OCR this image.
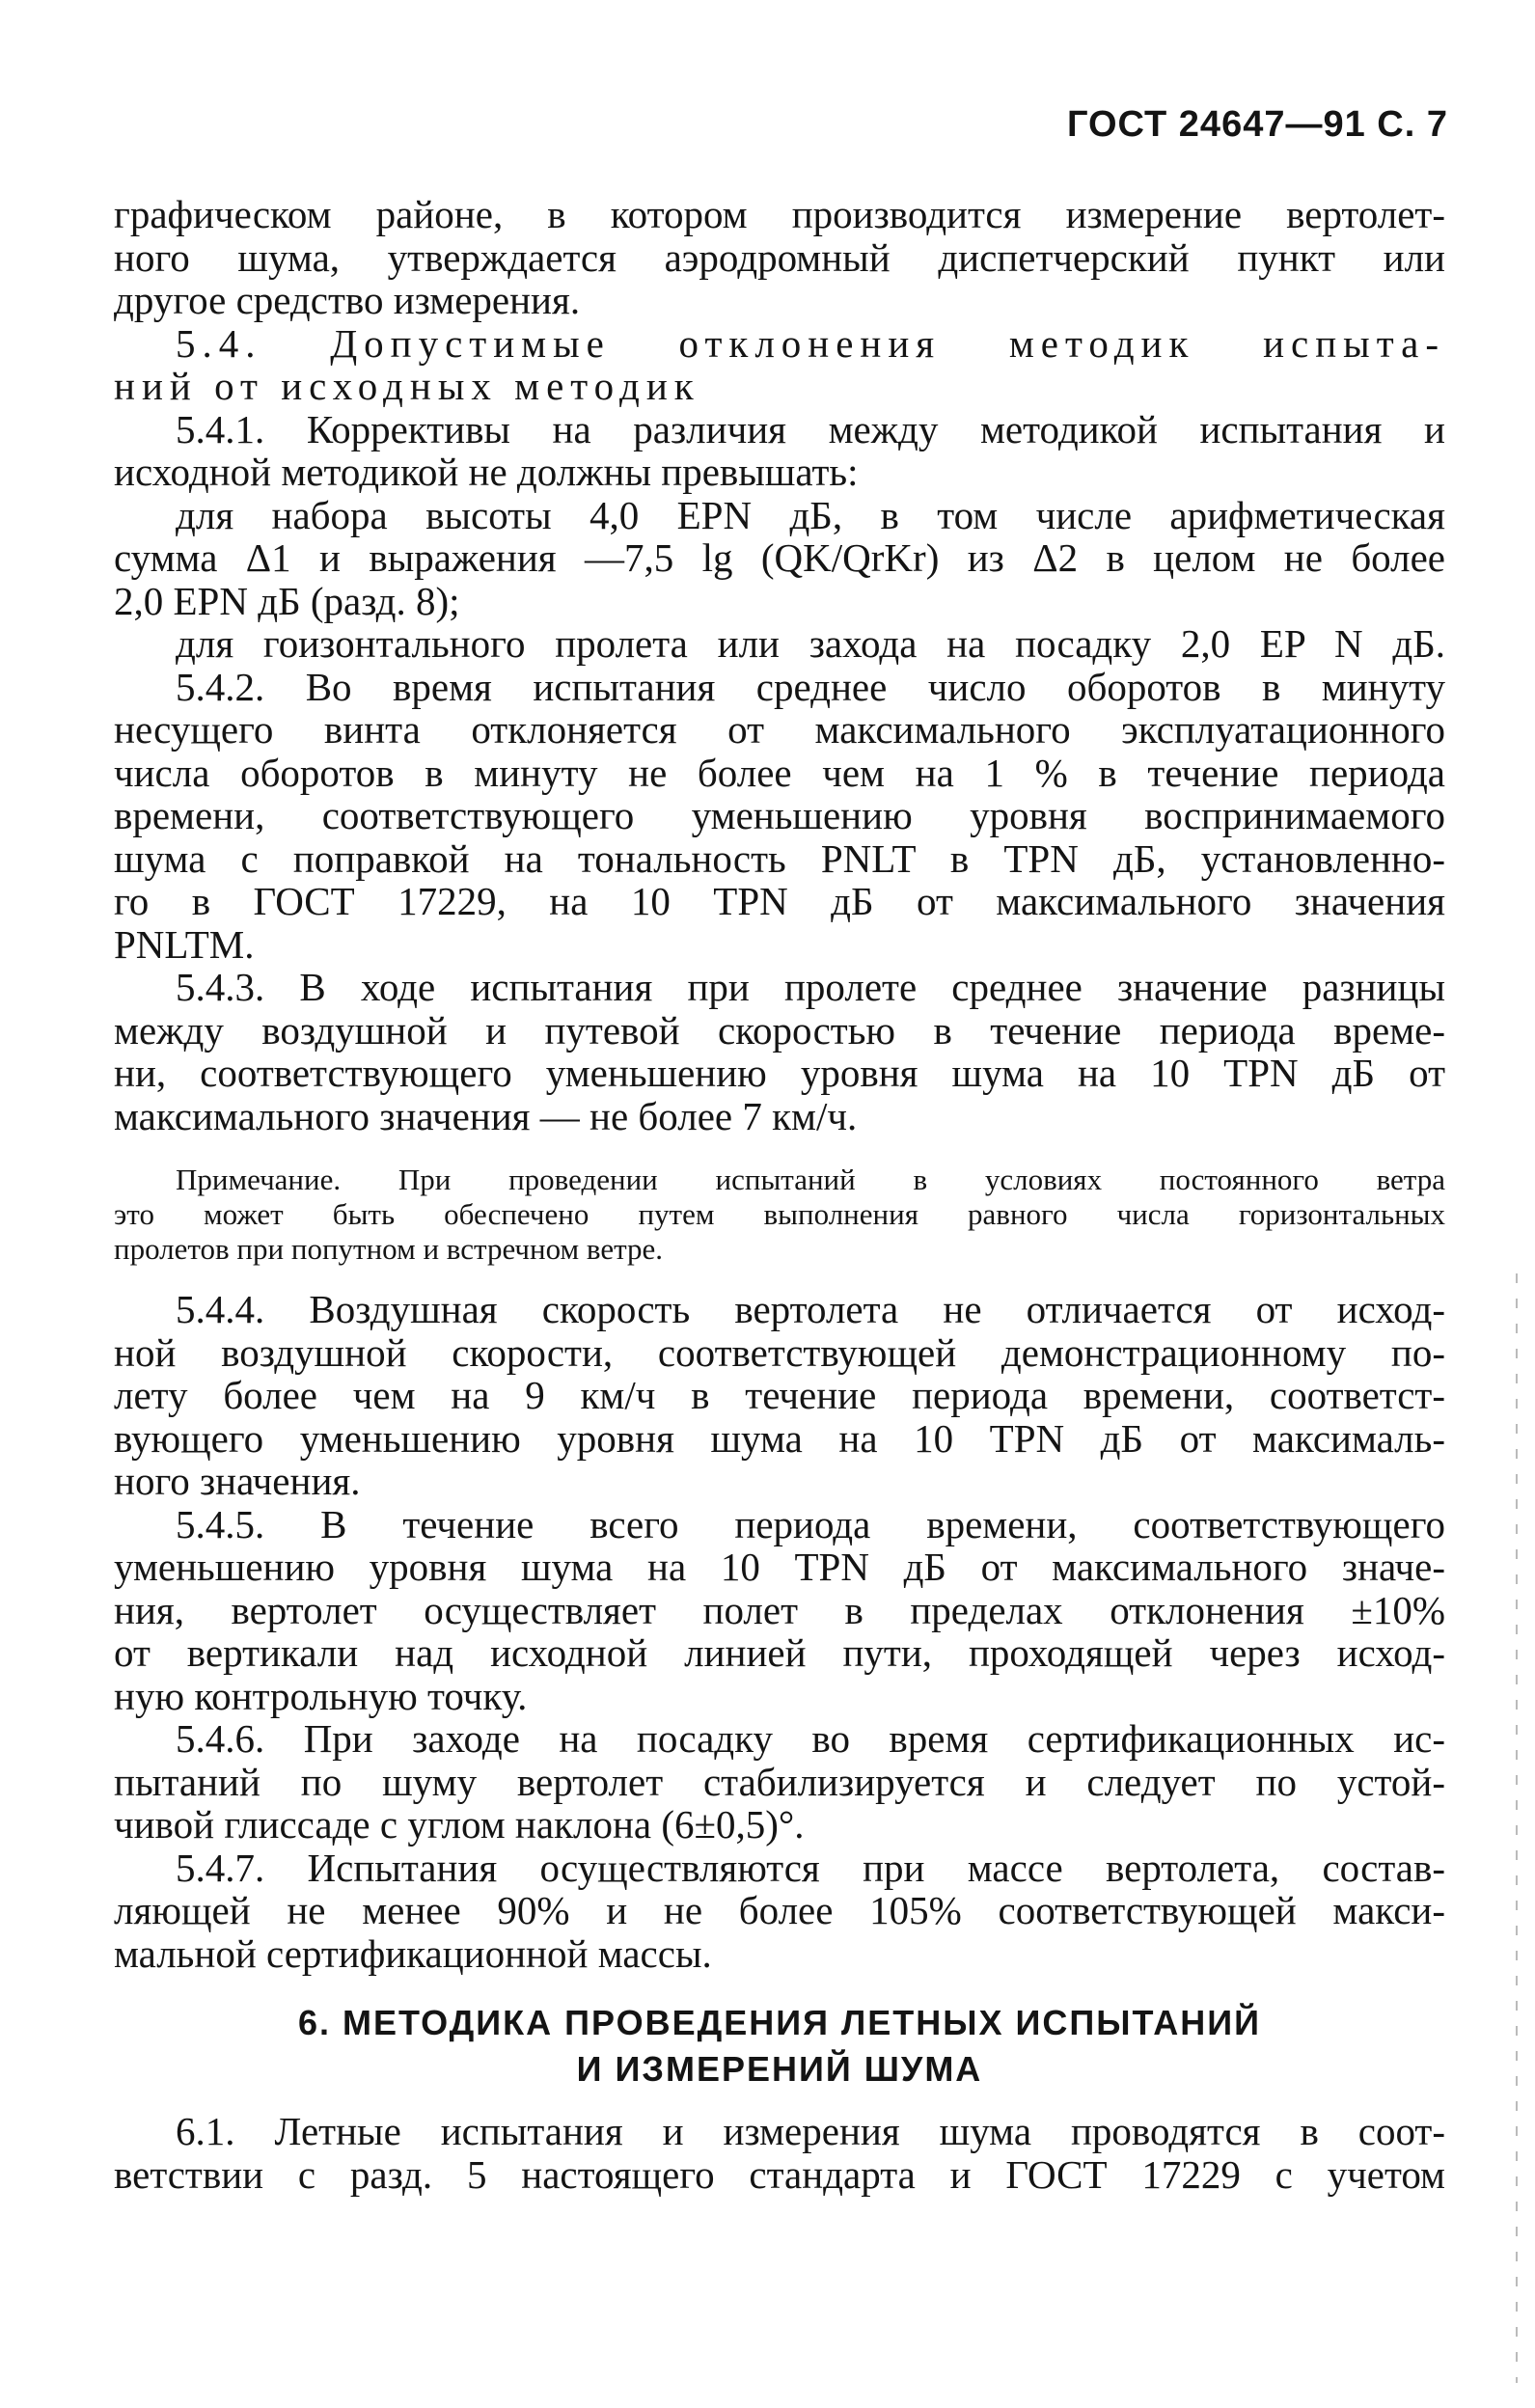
ГОСТ 24647—91 С. 7
графическом районе, в котором производится измерение вертолет-
ного шума, утверждается аэродромный диспетчерский пункт или
другое средство измерения.
5.4. Допустимые отклонения методик испыта-
ний от исходных методик
5.4.1. Коррективы на различия между методикой испытания и
исходной методикой не должны превышать:
для набора высоты 4,0 EPN дБ, в том числе арифметическая
сумма Δ1 и выражения —7,5 lg (QK/QrKr) из Δ2 в целом не более
2,0 EPN дБ (разд. 8);
для гоизонтального пролета или захода на посадку 2,0 EP N дБ.
5.4.2. Во время испытания среднее число оборотов в минуту
несущего винта отклоняется от максимального эксплуатационного
числа оборотов в минуту не более чем на 1 % в течение периода
времени, соответствующего уменьшению уровня воспринимаемого
шума с поправкой на тональность PNLT в TPN дБ, установленно-
го в ГОСТ 17229, на 10 TPN дБ от максимального значения
PNLTM.
5.4.3. В ходе испытания при пролете среднее значение разницы
между воздушной и путевой скоростью в течение периода време-
ни, соответствующего уменьшению уровня шума на 10 TPN дБ от
максимального значения — не более 7 км/ч.
Примечание. При проведении испытаний в условиях постоянного ветра
это может быть обеспечено путем выполнения равного числа горизонтальных
пролетов при попутном и встречном ветре.
5.4.4. Воздушная скорость вертолета не отличается от исход-
ной воздушной скорости, соответствующей демонстрационному по-
лету более чем на 9 км/ч в течение периода времени, соответст-
вующего уменьшению уровня шума на 10 TPN дБ от максималь-
ного значения.
5.4.5. В течение всего периода времени, соответствующего
уменьшению уровня шума на 10 TPN дБ от максимального значе-
ния, вертолет осуществляет полет в пределах отклонения ±10%
от вертикали над исходной линией пути, проходящей через исход-
ную контрольную точку.
5.4.6. При заходе на посадку во время сертификационных ис-
пытаний по шуму вертолет стабилизируется и следует по устой-
чивой глиссаде с углом наклона (6±0,5)°.
5.4.7. Испытания осуществляются при массе вертолета, состав-
ляющей не менее 90% и не более 105% соответствующей макси-
мальной сертификационной массы.
6. МЕТОДИКА ПРОВЕДЕНИЯ ЛЕТНЫХ ИСПЫТАНИЙ
И ИЗМЕРЕНИЙ ШУМА
6.1. Летные испытания и измерения шума проводятся в соот-
ветствии с разд. 5 настоящего стандарта и ГОСТ 17229 с учетом
